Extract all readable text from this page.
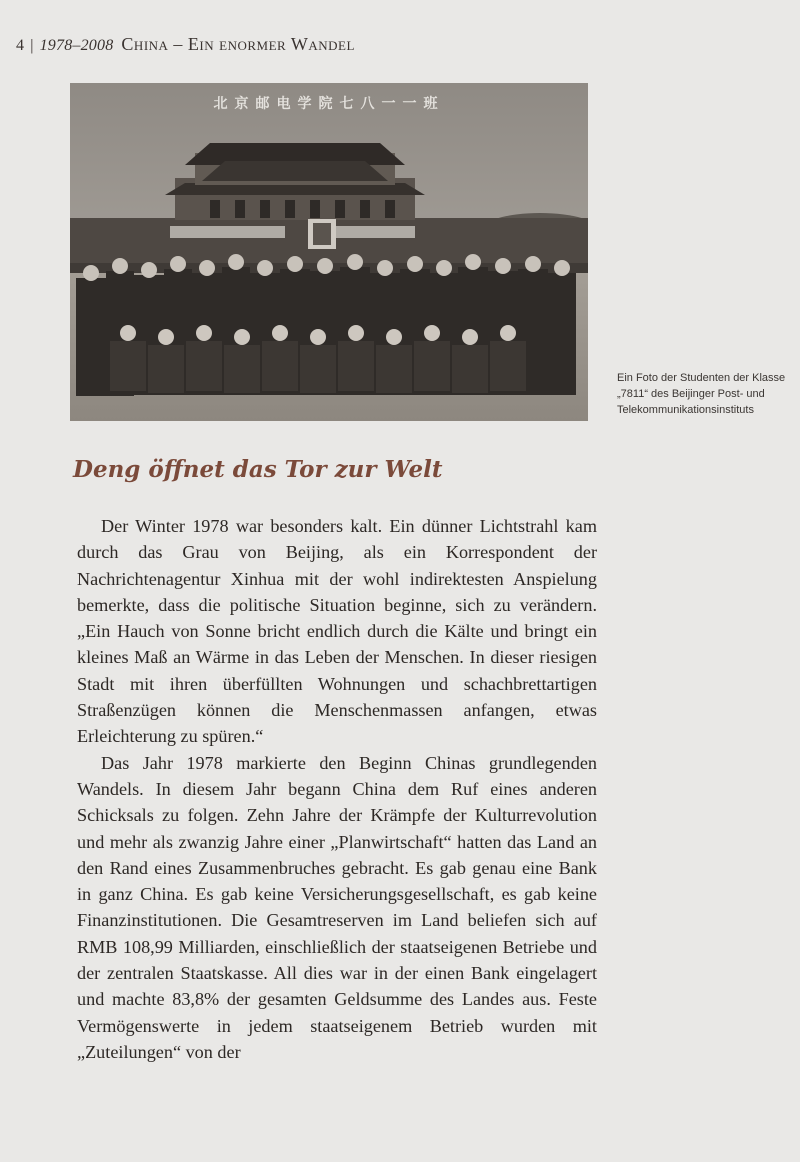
4 | 1978–2008 China – Ein enormer Wandel
北京邮电学院七八一一班
Ein Foto der Studenten der Klasse „7811“ des Beijinger Post- und Telekommunikationsinstituts
Deng öffnet das Tor zur Welt

Der Winter 1978 war besonders kalt. Ein dünner Lichtstrahl kam durch das Grau von Beijing, als ein Korrespondent der Nachrichtenagentur Xinhua mit der wohl indirektesten Anspielung bemerkte, dass die politische Situation beginne, sich zu verändern. „Ein Hauch von Sonne bricht endlich durch die Kälte und bringt ein kleines Maß an Wärme in das Leben der Menschen. In dieser riesigen Stadt mit ihren überfüllten Wohnungen und schachbrettartigen Straßenzügen können die Menschenmassen anfangen, etwas Erleichterung zu spüren.“

Das Jahr 1978 markierte den Beginn Chinas grundlegenden Wandels. In diesem Jahr begann China dem Ruf eines anderen Schicksals zu folgen. Zehn Jahre der Krämpfe der Kulturrevolution und mehr als zwanzig Jahre einer „Planwirtschaft“ hatten das Land an den Rand eines Zusammenbruches gebracht. Es gab genau eine Bank in ganz China. Es gab keine Versicherungsgesellschaft, es gab keine Finanzinstitutionen. Die Gesamtreserven im Land beliefen sich auf RMB 108,99 Milliarden, einschließlich der staatseigenen Betriebe und der zentralen Staatskasse. All dies war in der einen Bank eingelagert und machte 83,8% der gesamten Geldsumme des Landes aus. Feste Vermögenswerte in jedem staatseigenem Betrieb wurden mit „Zuteilungen“ von der
